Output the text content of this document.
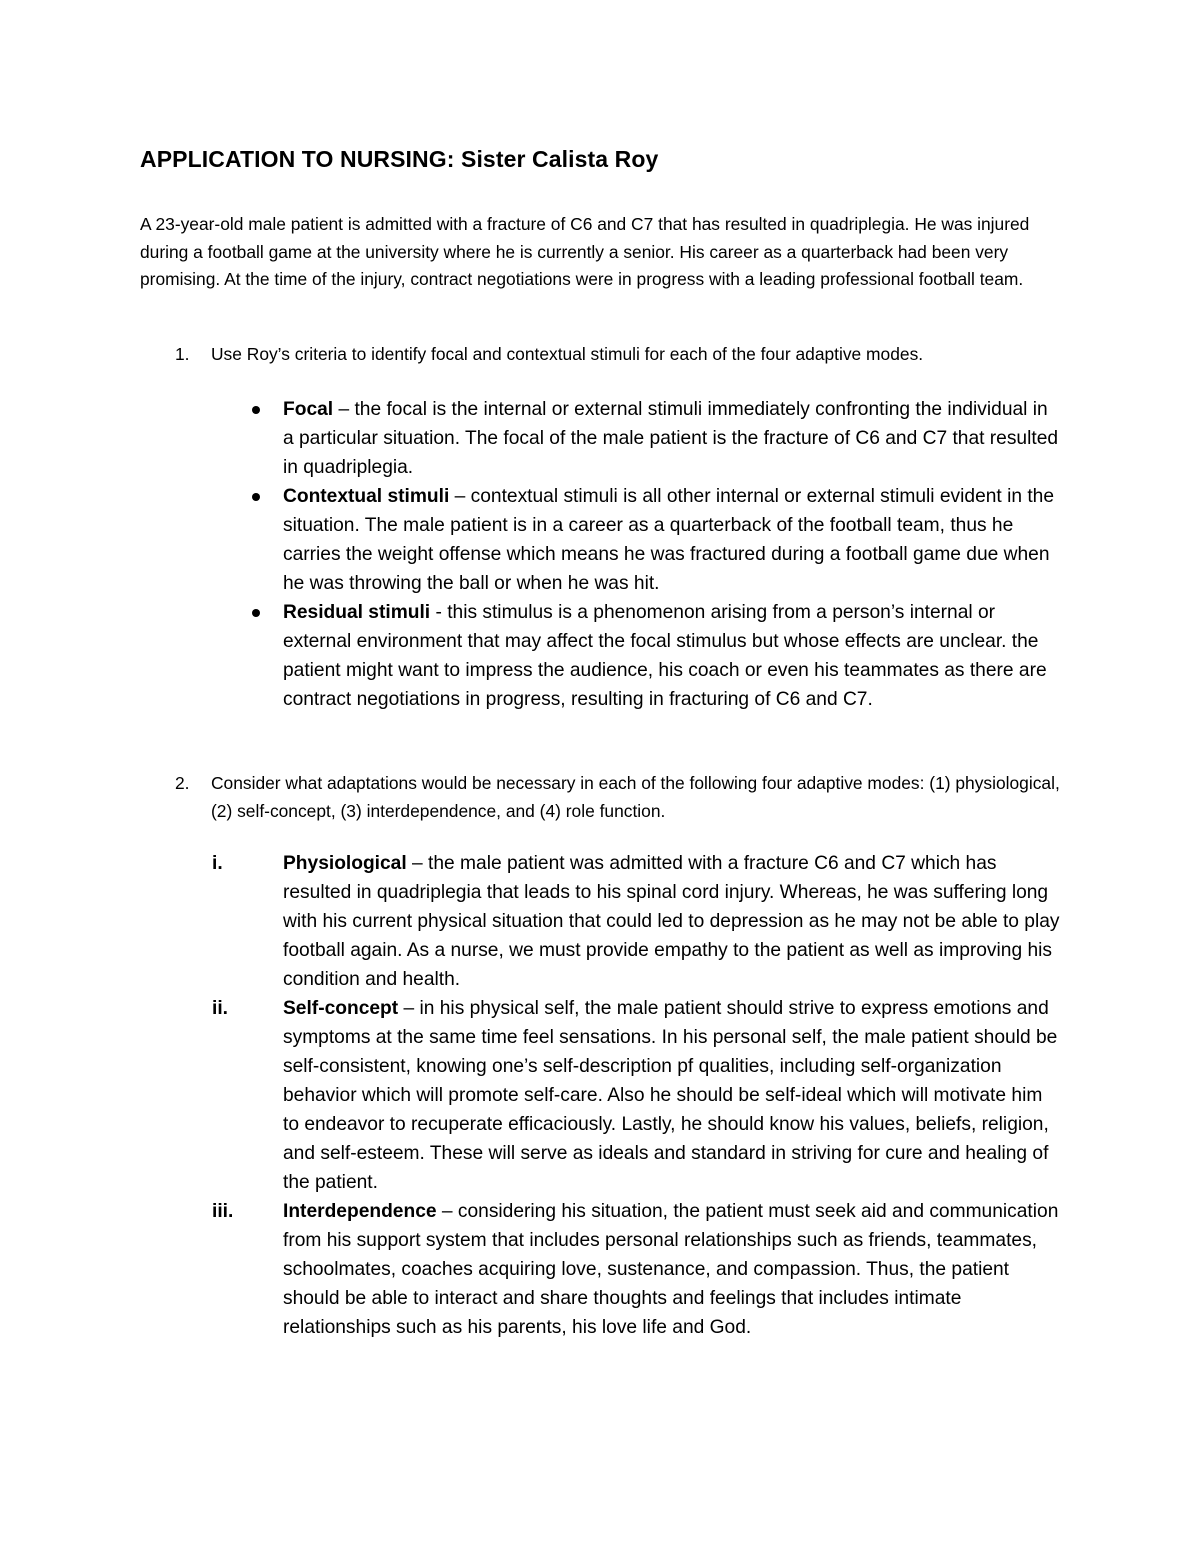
APPLICATION TO NURSING: Sister Calista Roy

A 23-year-old male patient is admitted with a fracture of C6 and C7 that has resulted in quadriplegia. He was injured during a football game at the university where he is currently a senior. His career as a quarterback had been very promising. At the time of the injury, contract negotiations were in progress with a leading professional football team.

1. Use Roy’s criteria to identify focal and contextual stimuli for each of the four adaptive modes.
Focal – the focal is the internal or external stimuli immediately confronting the individual in a particular situation. The focal of the male patient is the fracture of C6 and C7 that resulted in quadriplegia.
Contextual stimuli – contextual stimuli is all other internal or external stimuli evident in the situation. The male patient is in a career as a quarterback of the football team, thus he carries the weight offense which means he was fractured during a football game due when he was throwing the ball or when he was hit.
Residual stimuli - this stimulus is a phenomenon arising from a person’s internal or external environment that may affect the focal stimulus but whose effects are unclear. the patient might want to impress the audience, his coach or even his teammates as there are contract negotiations in progress, resulting in fracturing of C6 and C7.
2. Consider what adaptations would be necessary in each of the following four adaptive modes: (1) physiological, (2) self-concept, (3) interdependence, and (4) role function.
i.	Physiological – the male patient was admitted with a fracture C6 and C7 which has resulted in quadriplegia that leads to his spinal cord injury. Whereas, he was suffering long with his current physical situation that could led to depression as he may not be able to play football again. As a nurse, we must provide empathy to the patient as well as improving his condition and health.
ii.	Self-concept – in his physical self, the male patient should strive to express emotions and symptoms at the same time feel sensations. In his personal self, the male patient should be self-consistent, knowing one’s self-description pf qualities, including self-organization behavior which will promote self-care. Also he should be self-ideal which will motivate him to endeavor to recuperate efficaciously. Lastly, he should know his values, beliefs, religion, and self-esteem. These will serve as ideals and standard in striving for cure and healing of the patient.
iii.	Interdependence – considering his situation, the patient must seek aid and communication from his support system that includes personal relationships such as friends, teammates, schoolmates, coaches acquiring love, sustenance, and compassion. Thus, the patient should be able to interact and share thoughts and feelings that includes intimate relationships such as his parents, his love life and God.
